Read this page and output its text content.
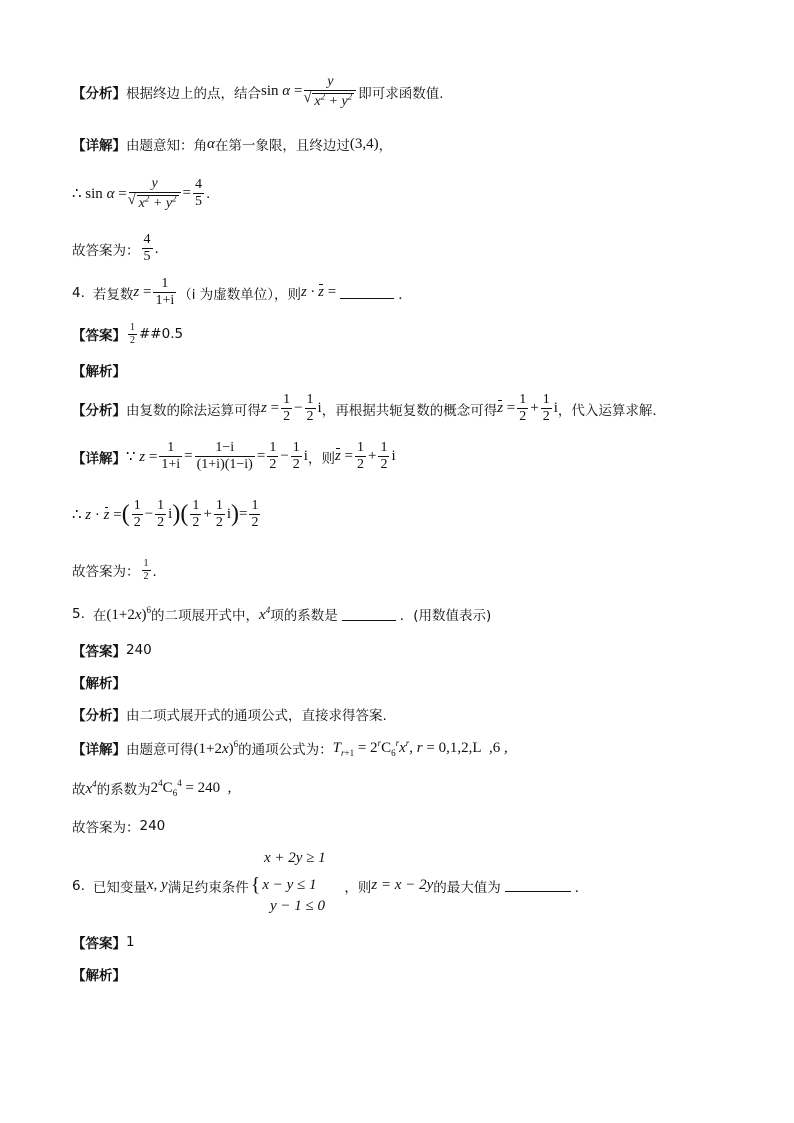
【分析】 根据终边上的点，结合 sin α = y
√ $x^2 + y^2$ 即可求函数值.
【详解】 由题意知：角 α 在第一象限，且终边过 (3,4) ，
∴ sin α = y
√ $x^2 + y^2 = \frac{4}{5}$ .
故答案为： $\frac{4}{5}$ .
4. 若复数 $z = \frac{1}{1+i} (i$ 为虚数单位），则 z · z =	．
【答案】 $\frac{1}{2}$ ##0.5
【解析】
【分析】 由复数的除法运算可得 $z = \frac{1}{2} - \frac{1}{2}$ i ，再根据共轭复数的概念可得 $z = \frac{1}{2} + \frac{1}{2}$ i ，代入运算求解．
【详解】 ∵ $z = \frac{1}{1+i} = \frac{1-i}{(1+i)(1-i)} = \frac{1}{2} - \frac{1}{2}$ i ，则 $z = \frac{1}{2} + \frac{1}{2}$ i
∴ z · z = ( $\frac{1}{2} - \frac{1}{2}$ i ) ( $\frac{1}{2} + \frac{1}{2}$ i ) = $\frac{1}{2}$
故答案为： $\frac{1}{2}$ ．
5. 在 $(1+2x)^6$ 的二项展开式中， $x^4$ 项的系数是	．(用数值表示)
【答案】 240
【解析】
【分析】 由二项式展开式的通项公式，直接求得答案.
【详解】 由题意可得 $(1+2x)^6$ 的通项公式为： $T_{r+1} = 2^rC_6^rx^r$, r = 0,1,2,L  ,6 ,
故 $x^4$ 的系数为 $2^4C_6^4 = 240$  ,
故答案为： 240
x + 2y ≥ 1
6. 已知变量 x, y 满足约束条件 { x − y ≤ 1	，则 z = x − 2y 的最大值为	．
y − 1 ≤ 0
【答案】 1
【解析】
